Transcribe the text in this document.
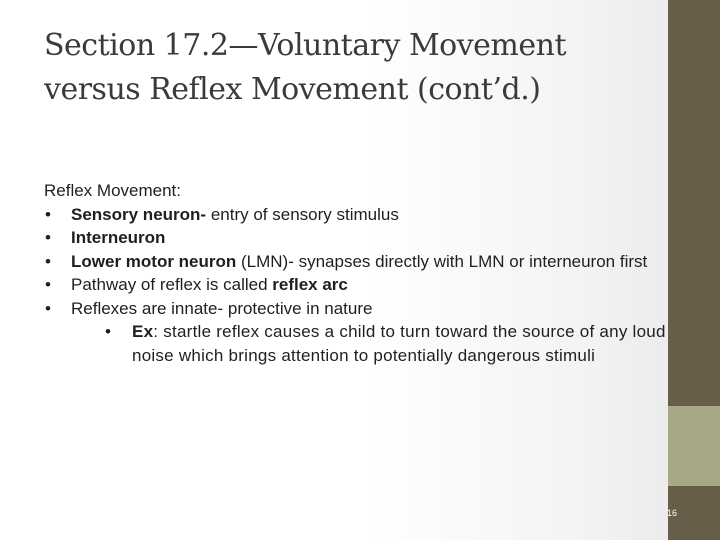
Section 17.2—Voluntary Movement
versus Reflex Movement (cont’d.)

Reflex Movement:

• Sensory neuron- entry of sensory stimulus
• Interneuron
• Lower motor neuron (LMN)- synapses directly with LMN or interneuron first
• Pathway of reflex is called reflex arc
• Reflexes are innate- protective in nature
• Ex: startle reflex causes a child to turn toward the source of any loud noise which brings attention to potentially dangerous stimuli
16
